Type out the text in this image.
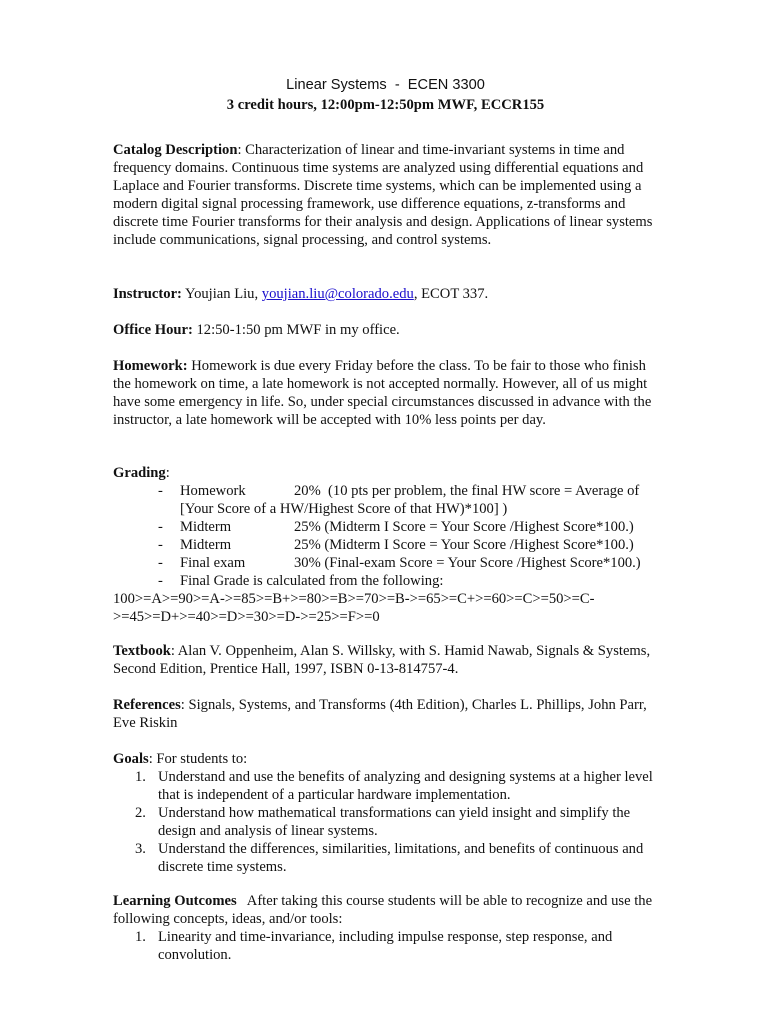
Linear Systems  -  ECEN 3300
3 credit hours, 12:00pm-12:50pm MWF, ECCR155
Catalog Description: Characterization of linear and time-invariant systems in time and frequency domains. Continuous time systems are analyzed using differential equations and Laplace and Fourier transforms. Discrete time systems, which can be implemented using a modern digital signal processing framework, use difference equations, z-transforms and discrete time Fourier transforms for their analysis and design. Applications of linear systems include communications, signal processing, and control systems.
Instructor: Youjian Liu, youjian.liu@colorado.edu, ECOT 337.
Office Hour: 12:50-1:50 pm MWF in my office.
Homework: Homework is due every Friday before the class. To be fair to those who finish the homework on time, a late homework is not accepted normally. However, all of us might have some emergency in life. So, under special circumstances discussed in advance with the instructor, a late homework will be accepted with 10% less points per day.
Grading:
- Homework	20%  (10 pts per problem, the final HW score = Average of
[Your Score of a HW/Highest Score of that HW)*100] )
- Midterm	25% (Midterm I Score = Your Score /Highest Score*100.)
- Midterm	25% (Midterm I Score = Your Score /Highest Score*100.)
- Final exam	30% (Final-exam Score = Your Score /Highest Score*100.)
- Final Grade is calculated from the following:
100>=A>=90>=A->=85>=B+>=80>=B>=70>=B->=65>=C+>=60>=C>=50>=C-
>=45>=D+>=40>=D>=30>=D->=25>=F>=0
Textbook: Alan V. Oppenheim, Alan S. Willsky, with S. Hamid Nawab, Signals & Systems, Second Edition, Prentice Hall, 1997, ISBN 0-13-814757-4.
References: Signals, Systems, and Transforms (4th Edition), Charles L. Phillips, John Parr, Eve Riskin
Goals: For students to:
1. Understand and use the benefits of analyzing and designing systems at a higher level that is independent of a particular hardware implementation.
2. Understand how mathematical transformations can yield insight and simplify the design and analysis of linear systems.
3. Understand the differences, similarities, limitations, and benefits of continuous and discrete time systems.
Learning Outcomes   After taking this course students will be able to recognize and use the following concepts, ideas, and/or tools:
1. Linearity and time-invariance, including impulse response, step response, and convolution.
